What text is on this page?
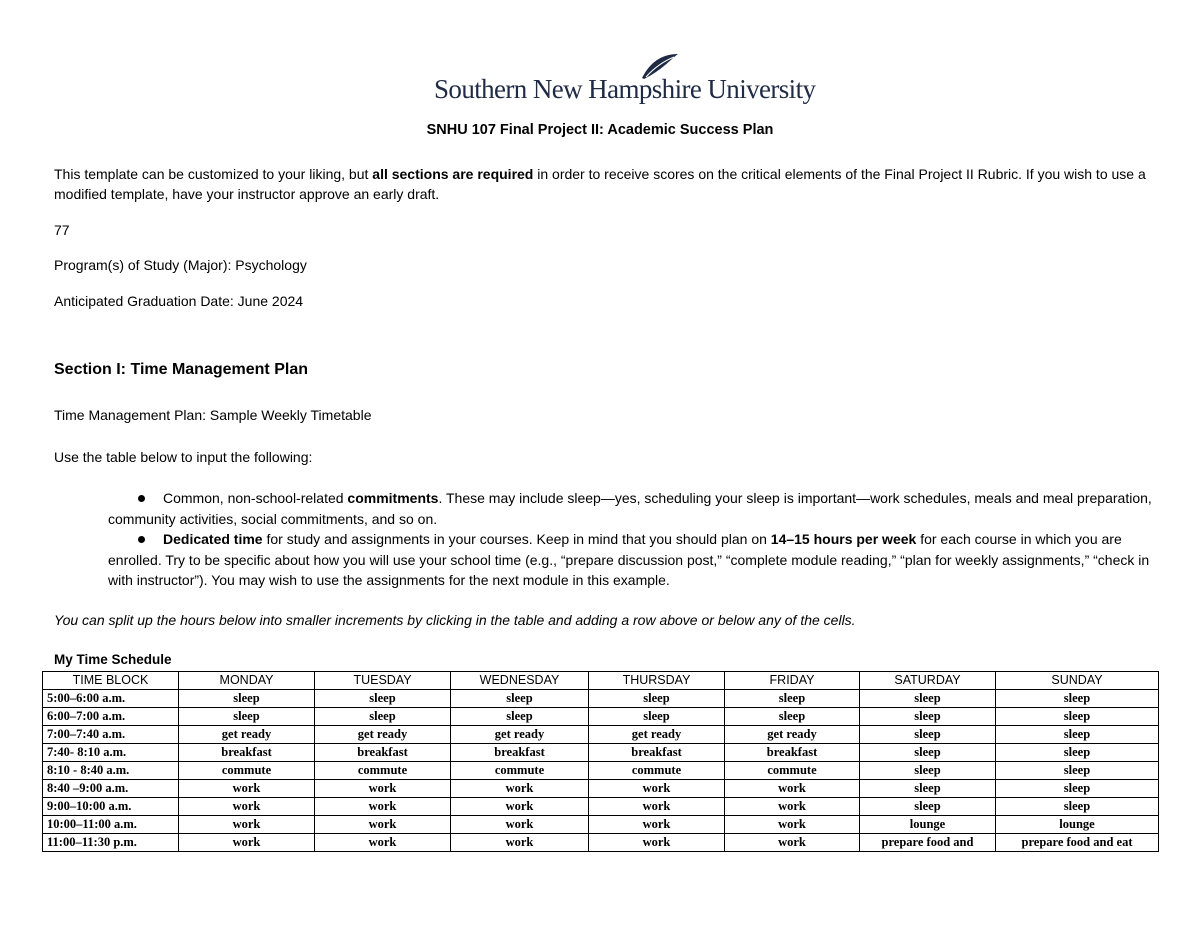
Southern New Hampshire University
SNHU 107 Final Project II: Academic Success Plan
This template can be customized to your liking, but all sections are required in order to receive scores on the critical elements of the Final Project II Rubric. If you wish to use a modified template, have your instructor approve an early draft.
77
Program(s) of Study (Major): Psychology
Anticipated Graduation Date: June 2024
Section I: Time Management Plan
Time Management Plan: Sample Weekly Timetable
Use the table below to input the following:
Common, non-school-related commitments. These may include sleep—yes, scheduling your sleep is important—work schedules, meals and meal preparation, community activities, social commitments, and so on.
Dedicated time for study and assignments in your courses. Keep in mind that you should plan on 14–15 hours per week for each course in which you are enrolled. Try to be specific about how you will use your school time (e.g., “prepare discussion post,” “complete module reading,” “plan for weekly assignments,” “check in with instructor”). You may wish to use the assignments for the next module in this example.
You can split up the hours below into smaller increments by clicking in the table and adding a row above or below any of the cells.
My Time Schedule
TIME BLOCK	MONDAY	TUESDAY	WEDNESDAY	THURSDAY	FRIDAY	SATURDAY	SUNDAY
5:00–6:00 a.m.	sleep	sleep	sleep	sleep	sleep	sleep	sleep
6:00–7:00 a.m.	sleep	sleep	sleep	sleep	sleep	sleep	sleep
7:00–7:40 a.m.	get ready	get ready	get ready	get ready	get ready	sleep	sleep
7:40- 8:10 a.m.	breakfast	breakfast	breakfast	breakfast	breakfast	sleep	sleep
8:10 - 8:40 a.m.	commute	commute	commute	commute	commute	sleep	sleep
8:40 –9:00 a.m.	work	work	work	work	work	sleep	sleep
9:00–10:00 a.m.	work	work	work	work	work	sleep	sleep
10:00–11:00 a.m.	work	work	work	work	work	lounge	lounge
11:00–11:30 p.m.	work	work	work	work	work	prepare food and	prepare food and eat
